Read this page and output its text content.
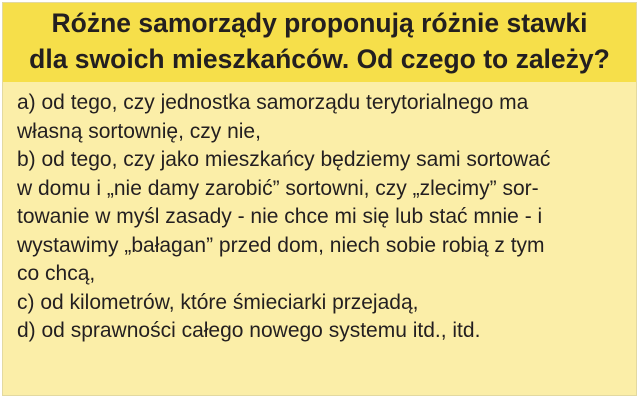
Różne samorządy proponują różnie stawki
dla swoich mieszkańców. Od czego to zależy?
a) od tego, czy jednostka samorządu terytorialnego ma
własną sortownię, czy nie,
b) od tego, czy jako mieszkańcy będziemy sami sortować
w domu i „nie damy zarobić” sortowni, czy „zlecimy” sor-
towanie w myśl zasady - nie chce mi się lub stać mnie - i
wystawimy „bałagan” przed dom, niech sobie robią z tym
co chcą,
c) od kilometrów, które śmieciarki przejadą,
d) od sprawności całego nowego systemu itd., itd.
